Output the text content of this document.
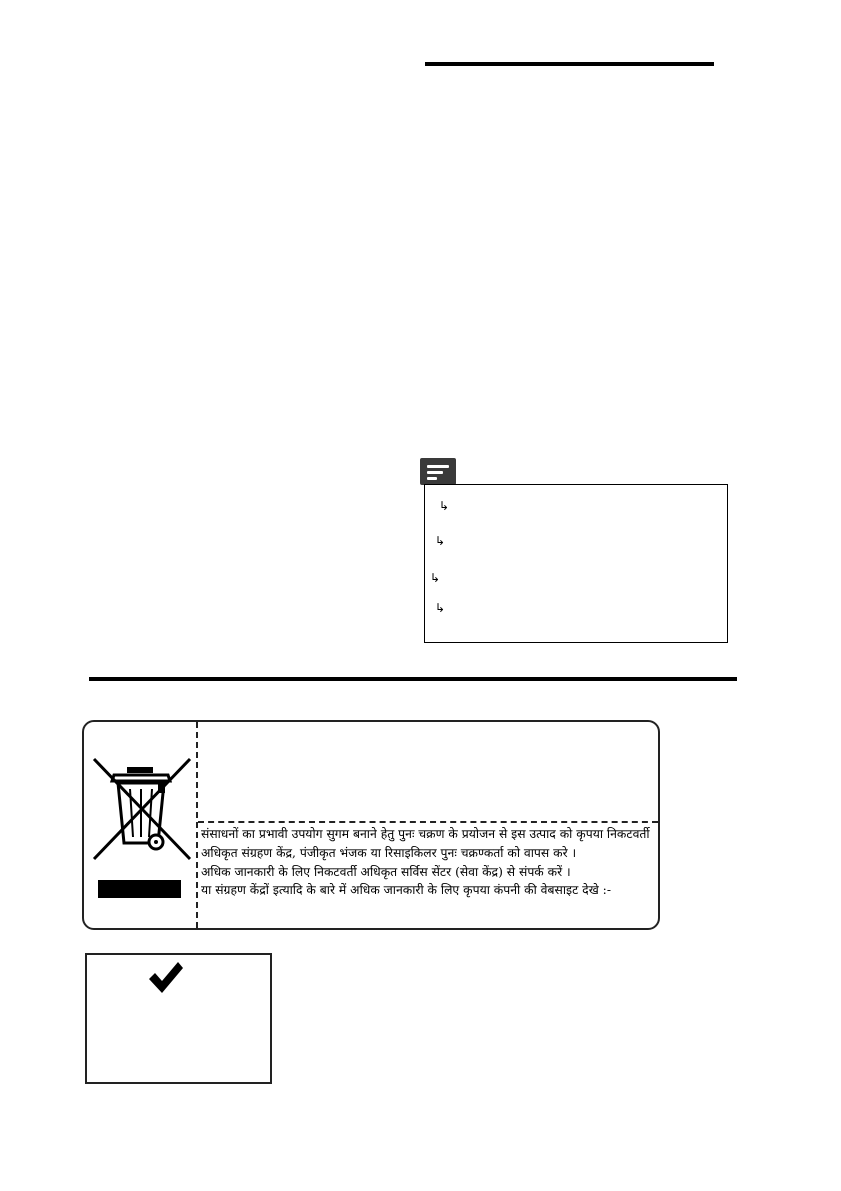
↳
↳
↳
↳
संसाधनों का प्रभावी उपयोग सुगम बनाने हेतु पुनः चक्रण के प्रयोजन से इस उत्पाद को कृपया निकटवर्ती
अधिकृत संग्रहण केंद्र, पंजीकृत भंजक या रिसाइकिलर पुनः चक्रण्कर्ता को वापस करे ।
अधिक जानकारी के लिए निकटवर्ती अधिकृत सर्विस सेंटर (सेवा केंद्र) से संपर्क करें ।
या संग्रहण केंद्रों इत्यादि के बारे में अधिक जानकारी के लिए कृपया कंपनी की वेबसाइट देखे :-
